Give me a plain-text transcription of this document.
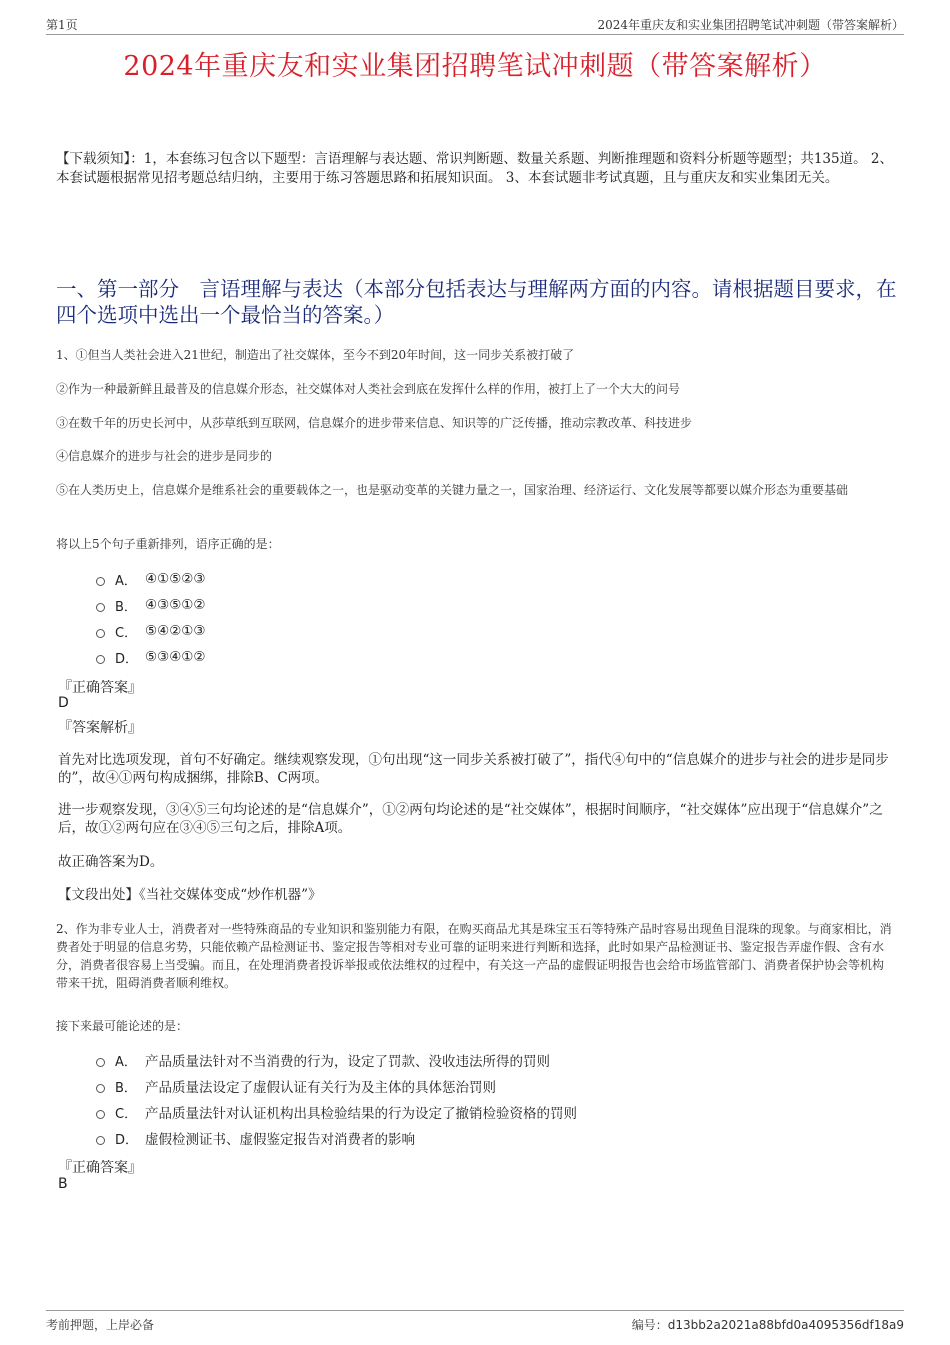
第1页	2024年重庆友和实业集团招聘笔试冲刺题（带答案解析）
2024年重庆友和实业集团招聘笔试冲刺题（带答案解析）
【下载须知】：1，本套练习包含以下题型：言语理解与表达题、常识判断题、数量关系题、判断推理题和资料分析题等题型；共135道。 2、本套试题根据常见招考题总结归纳，主要用于练习答题思路和拓展知识面。 3、本套试题非考试真题，且与重庆友和实业集团无关。
一、第一部分　言语理解与表达（本部分包括表达与理解两方面的内容。请根据题目要求，在四个选项中选出一个最恰当的答案。）
1、①但当人类社会进入21世纪，制造出了社交媒体，至今不到20年时间，这一同步关系被打破了
②作为一种最新鲜且最普及的信息媒介形态，社交媒体对人类社会到底在发挥什么样的作用，被打上了一个大大的问号
③在数千年的历史长河中，从莎草纸到互联网，信息媒介的进步带来信息、知识等的广泛传播，推动宗教改革、科技进步
④信息媒介的进步与社会的进步是同步的
⑤在人类历史上，信息媒介是维系社会的重要载体之一，也是驱动变革的关键力量之一，国家治理、经济运行、文化发展等都要以媒介形态为重要基础
将以上5个句子重新排列，语序正确的是：
A． ④①⑤②③
B． ④③⑤①②
C． ⑤④②①③
D． ⑤③④①②
『正确答案』
D
『答案解析』
首先对比选项发现，首句不好确定。继续观察发现，①句出现“这一同步关系被打破了”，指代④句中的“信息媒介的进步与社会的进步是同步的”，故④①两句构成捆绑，排除B、C两项。
进一步观察发现，③④⑤三句均论述的是“信息媒介”，①②两句均论述的是“社交媒体”，根据时间顺序，“社交媒体”应出现于“信息媒介”之后，故①②两句应在③④⑤三句之后，排除A项。
故正确答案为D。
【文段出处】《当社交媒体变成“炒作机器”》
2、作为非专业人士，消费者对一些特殊商品的专业知识和鉴别能力有限，在购买商品尤其是珠宝玉石等特殊产品时容易出现鱼目混珠的现象。与商家相比，消费者处于明显的信息劣势，只能依赖产品检测证书、鉴定报告等相对专业可靠的证明来进行判断和选择，此时如果产品检测证书、鉴定报告弄虚作假、含有水分，消费者很容易上当受骗。而且，在处理消费者投诉举报或依法维权的过程中，有关这一产品的虚假证明报告也会给市场监管部门、消费者保护协会等机构带来干扰，阻碍消费者顺利维权。
接下来最可能论述的是：
A． 产品质量法针对不当消费的行为，设定了罚款、没收违法所得的罚则
B． 产品质量法设定了虚假认证有关行为及主体的具体惩治罚则
C． 产品质量法针对认证机构出具检验结果的行为设定了撤销检验资格的罚则
D． 虚假检测证书、虚假鉴定报告对消费者的影响
『正确答案』
B
考前押题，上岸必备	编号：d13bb2a2021a88bfd0a4095356df18a9
